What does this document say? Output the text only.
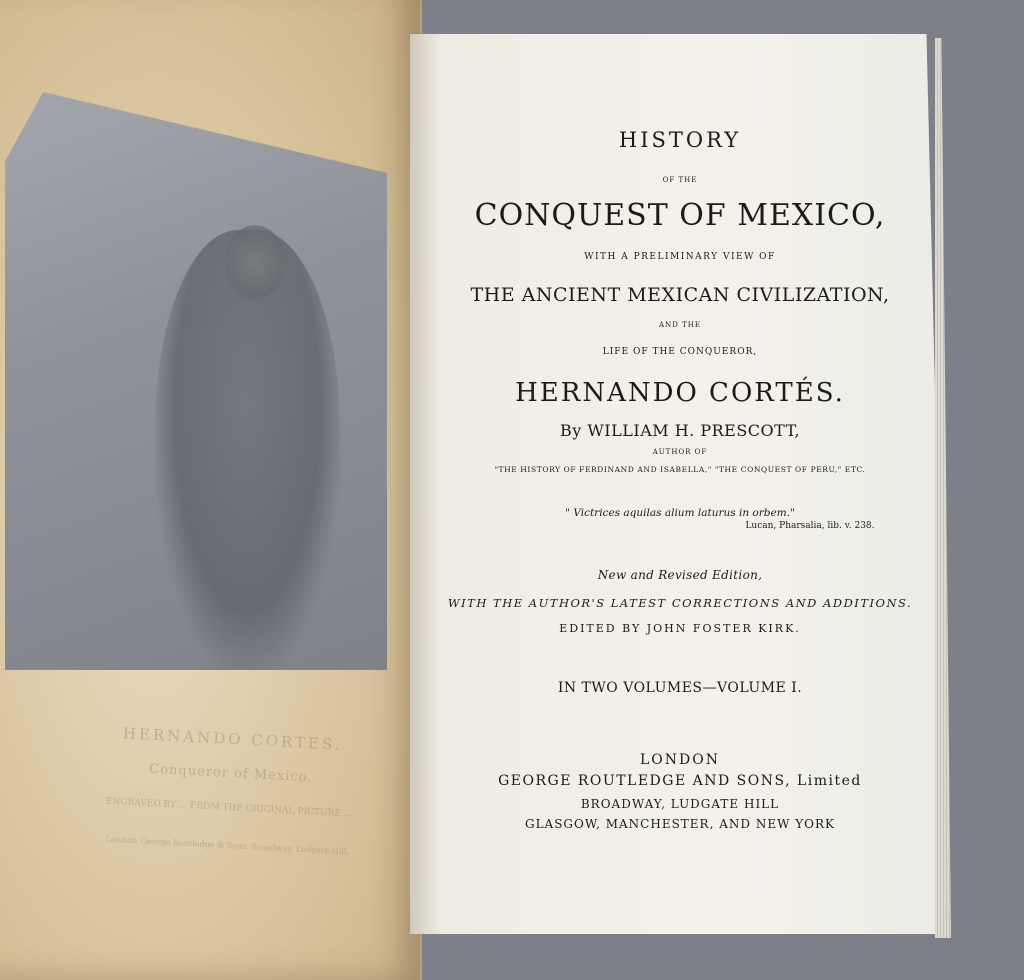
HERNANDO CORTES.
Conqueror of Mexico.
ENGRAVED BY ... FROM THE ORIGINAL PICTURE ...
London: George Routledge & Sons, Broadway, Ludgate Hill.
HISTORY
OF THE
CONQUEST OF MEXICO,
WITH A PRELIMINARY VIEW OF
THE ANCIENT MEXICAN CIVILIZATION,
AND THE
LIFE OF THE CONQUEROR,
HERNANDO CORTÉS.
By WILLIAM H. PRESCOTT,
AUTHOR OF
"THE HISTORY OF FERDINAND AND ISABELLA," "THE CONQUEST OF PERU," ETC.
" Victrices aquilas alium laturus in orbem."
Lucan, Pharsalia, lib. v. 238.
New and Revised Edition,
WITH THE AUTHOR'S LATEST CORRECTIONS AND ADDITIONS.
EDITED BY JOHN FOSTER KIRK.
IN TWO VOLUMES—VOLUME I.
LONDON
GEORGE ROUTLEDGE AND SONS, Limited
BROADWAY, LUDGATE HILL
GLASGOW, MANCHESTER, AND NEW YORK
